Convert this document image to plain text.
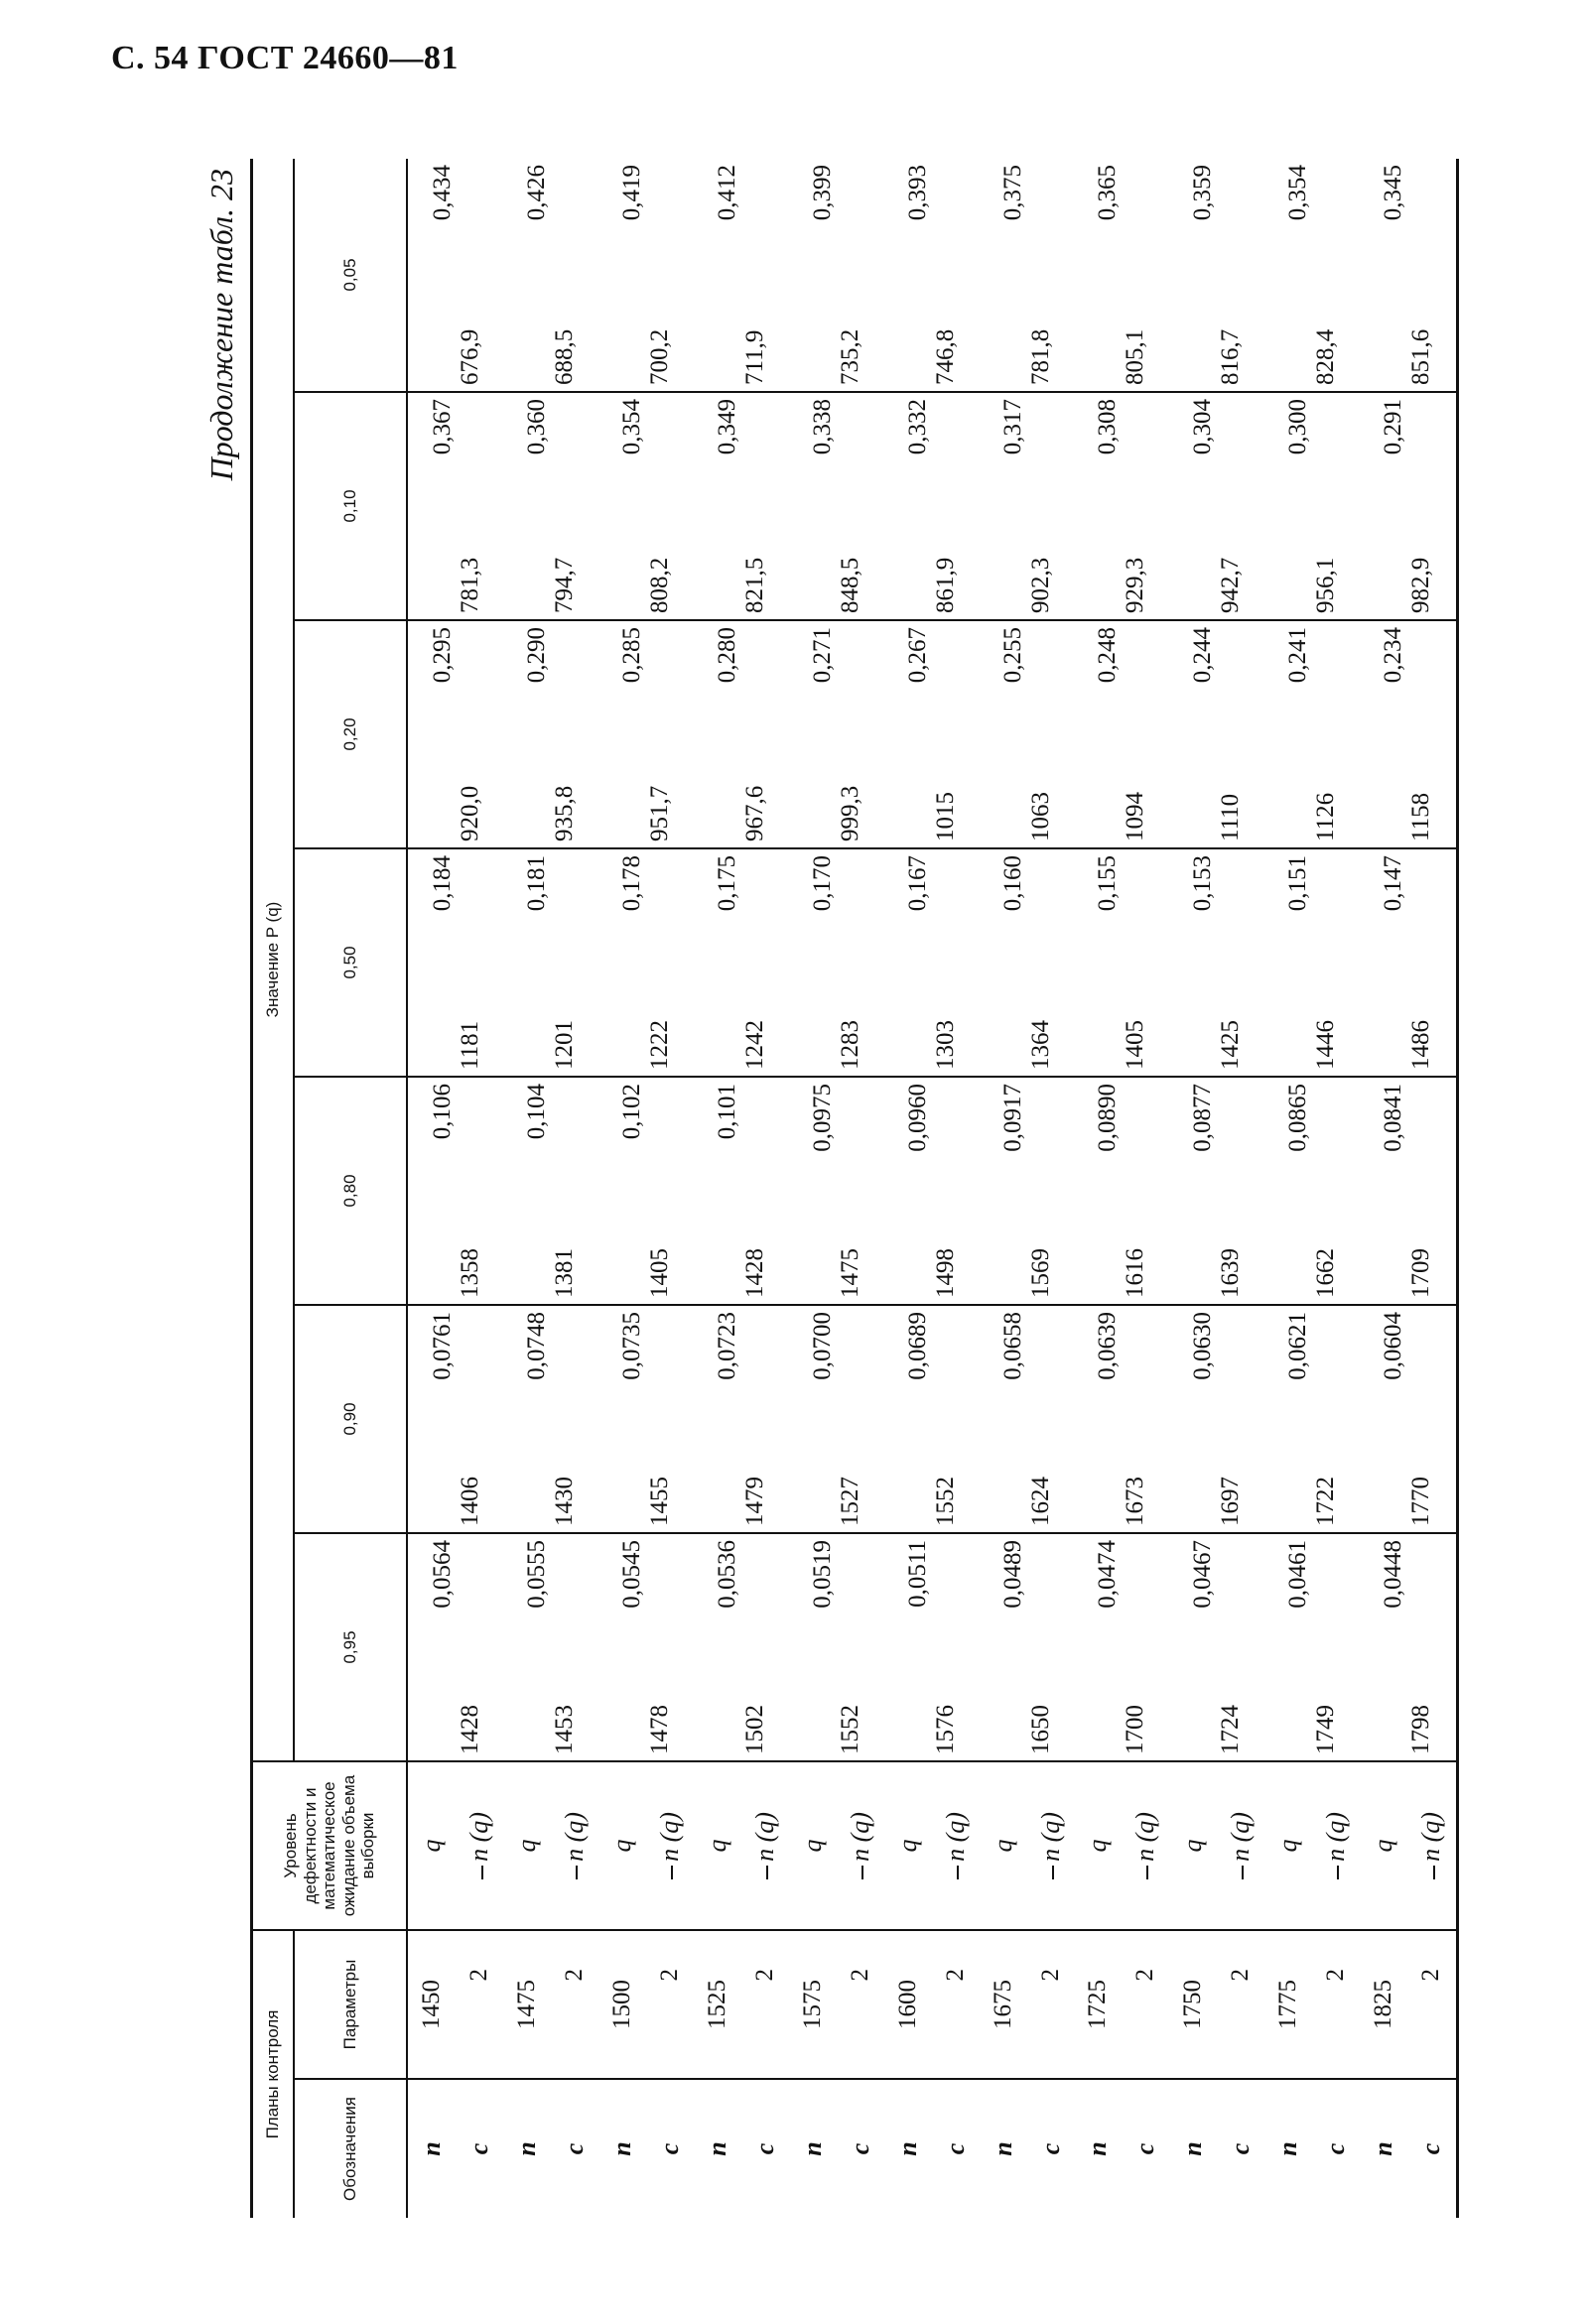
С. 54 ГОСТ 24660—81
Продолжение табл. 23									
Планы контроля		Уровень дефектности и математическое ожидание объема выборки	Значение P (q)						
Обозначения	Параметры		0,95	0,90	0,80	0,50	0,20	0,10	0,05
n	1450	q	0,0564	0,0761	0,106	0,184	0,295	0,367	0,434
c	2	n (q)	1428	1406	1358	1181	920,0	781,3	676,9
n	1475	q	0,0555	0,0748	0,104	0,181	0,290	0,360	0,426
c	2	n (q)	1453	1430	1381	1201	935,8	794,7	688,5
n	1500	q	0,0545	0,0735	0,102	0,178	0,285	0,354	0,419
c	2	n (q)	1478	1455	1405	1222	951,7	808,2	700,2
n	1525	q	0,0536	0,0723	0,101	0,175	0,280	0,349	0,412
c	2	n (q)	1502	1479	1428	1242	967,6	821,5	711,9
n	1575	q	0,0519	0,0700	0,0975	0,170	0,271	0,338	0,399
c	2	n (q)	1552	1527	1475	1283	999,3	848,5	735,2
n	1600	q	0,0511	0,0689	0,0960	0,167	0,267	0,332	0,393
c	2	n (q)	1576	1552	1498	1303	1015	861,9	746,8
n	1675	q	0,0489	0,0658	0,0917	0,160	0,255	0,317	0,375
c	2	n (q)	1650	1624	1569	1364	1063	902,3	781,8
n	1725	q	0,0474	0,0639	0,0890	0,155	0,248	0,308	0,365
c	2	n (q)	1700	1673	1616	1405	1094	929,3	805,1
n	1750	q	0,0467	0,0630	0,0877	0,153	0,244	0,304	0,359
c	2	n (q)	1724	1697	1639	1425	1110	942,7	816,7
n	1775	q	0,0461	0,0621	0,0865	0,151	0,241	0,300	0,354
c	2	n (q)	1749	1722	1662	1446	1126	956,1	828,4
n	1825	q	0,0448	0,0604	0,0841	0,147	0,234	0,291	0,345
c	2	n (q)	1798	1770	1709	1486	1158	982,9	851,6
